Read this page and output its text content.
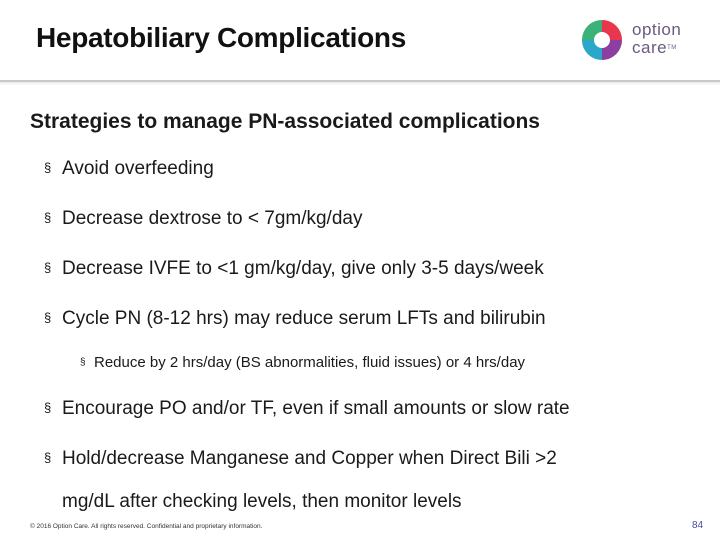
Hepatobiliary Complications	option
care™
Strategies to manage PN-associated complications
§ Avoid overfeeding
§ Decrease dextrose to < 7gm/kg/day
§ Decrease IVFE to <1 gm/kg/day, give only 3-5 days/week
§ Cycle PN (8-12 hrs) may reduce serum LFTs and bilirubin
§ Reduce by 2 hrs/day (BS abnormalities, fluid issues) or 4 hrs/day
§ Encourage PO and/or TF, even if small amounts or slow rate
§ Hold/decrease Manganese and Copper when Direct Bili >2
mg/dL after checking levels, then monitor levels
© 2016 Option Care. All rights reserved. Confidential and proprietary information.	84
